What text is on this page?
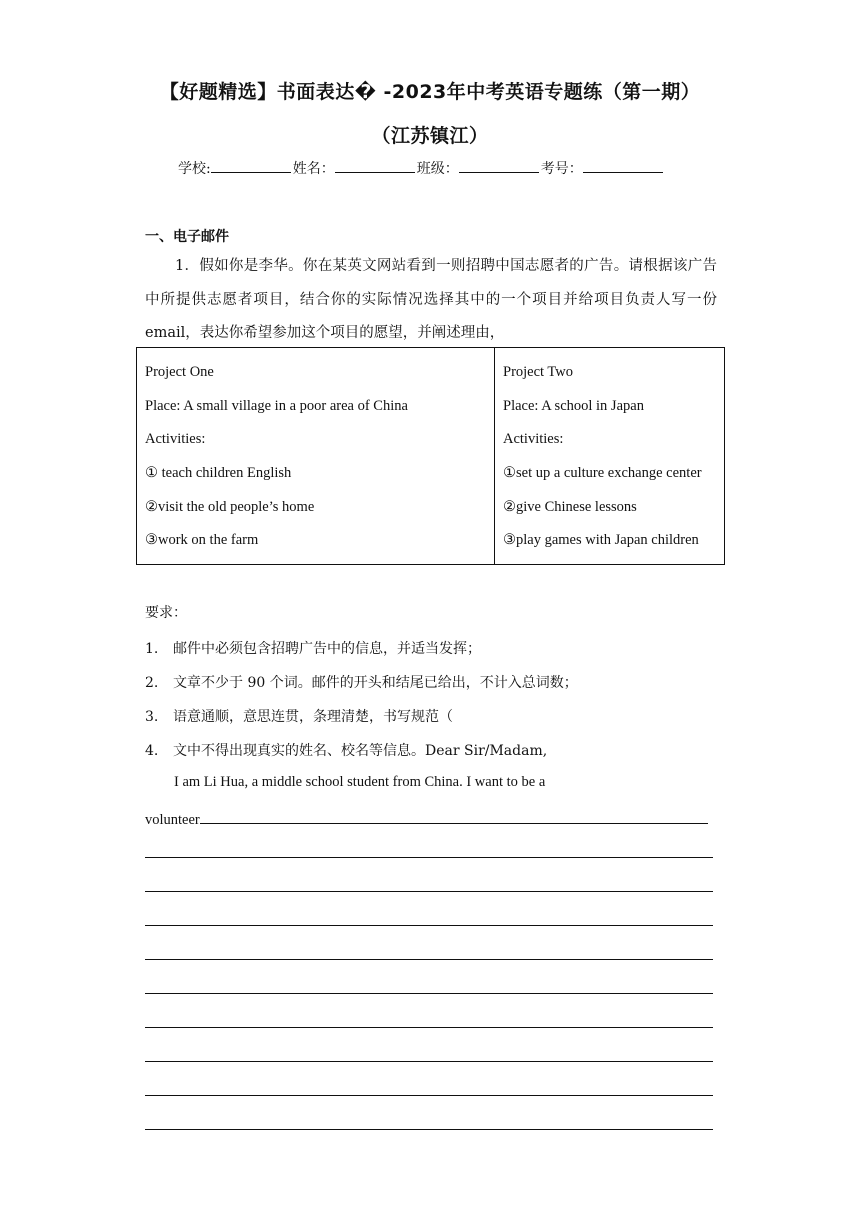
【好题精选】书面表达� -2023年中考英语专题练（第一期）
（江苏镇江）
学校:	姓名：	班级：	考号：
一、电子邮件
1．假如你是李华。你在某英文网站看到一则招聘中国志愿者的广告。请根据该广告中所提供志愿者项目，结合你的实际情况选择其中的一个项目并给项目负责人写一份email，表达你希望参加这个项目的愿望，并阐述理由，
Project One
Place: A small village in a poor area of China
Activities:
① teach children English
②visit the old people’s home
③work on the farm

Project Two
Place: A school in Japan
Activities:
①set up a culture exchange center
②give Chinese lessons
③play games with Japan children
要求：
1. 邮件中必须包含招聘广告中的信息，并适当发挥；
2. 文章不少于 90 个词。邮件的开头和结尾已给出，不计入总词数；
3. 语意通顺，意思连贯，条理清楚，书写规范（
4. 文中不得出现真实的姓名、校名等信息。Dear Sir/Madam,
I am Li Hua, a middle school student from China. I want to be a
volunteer
